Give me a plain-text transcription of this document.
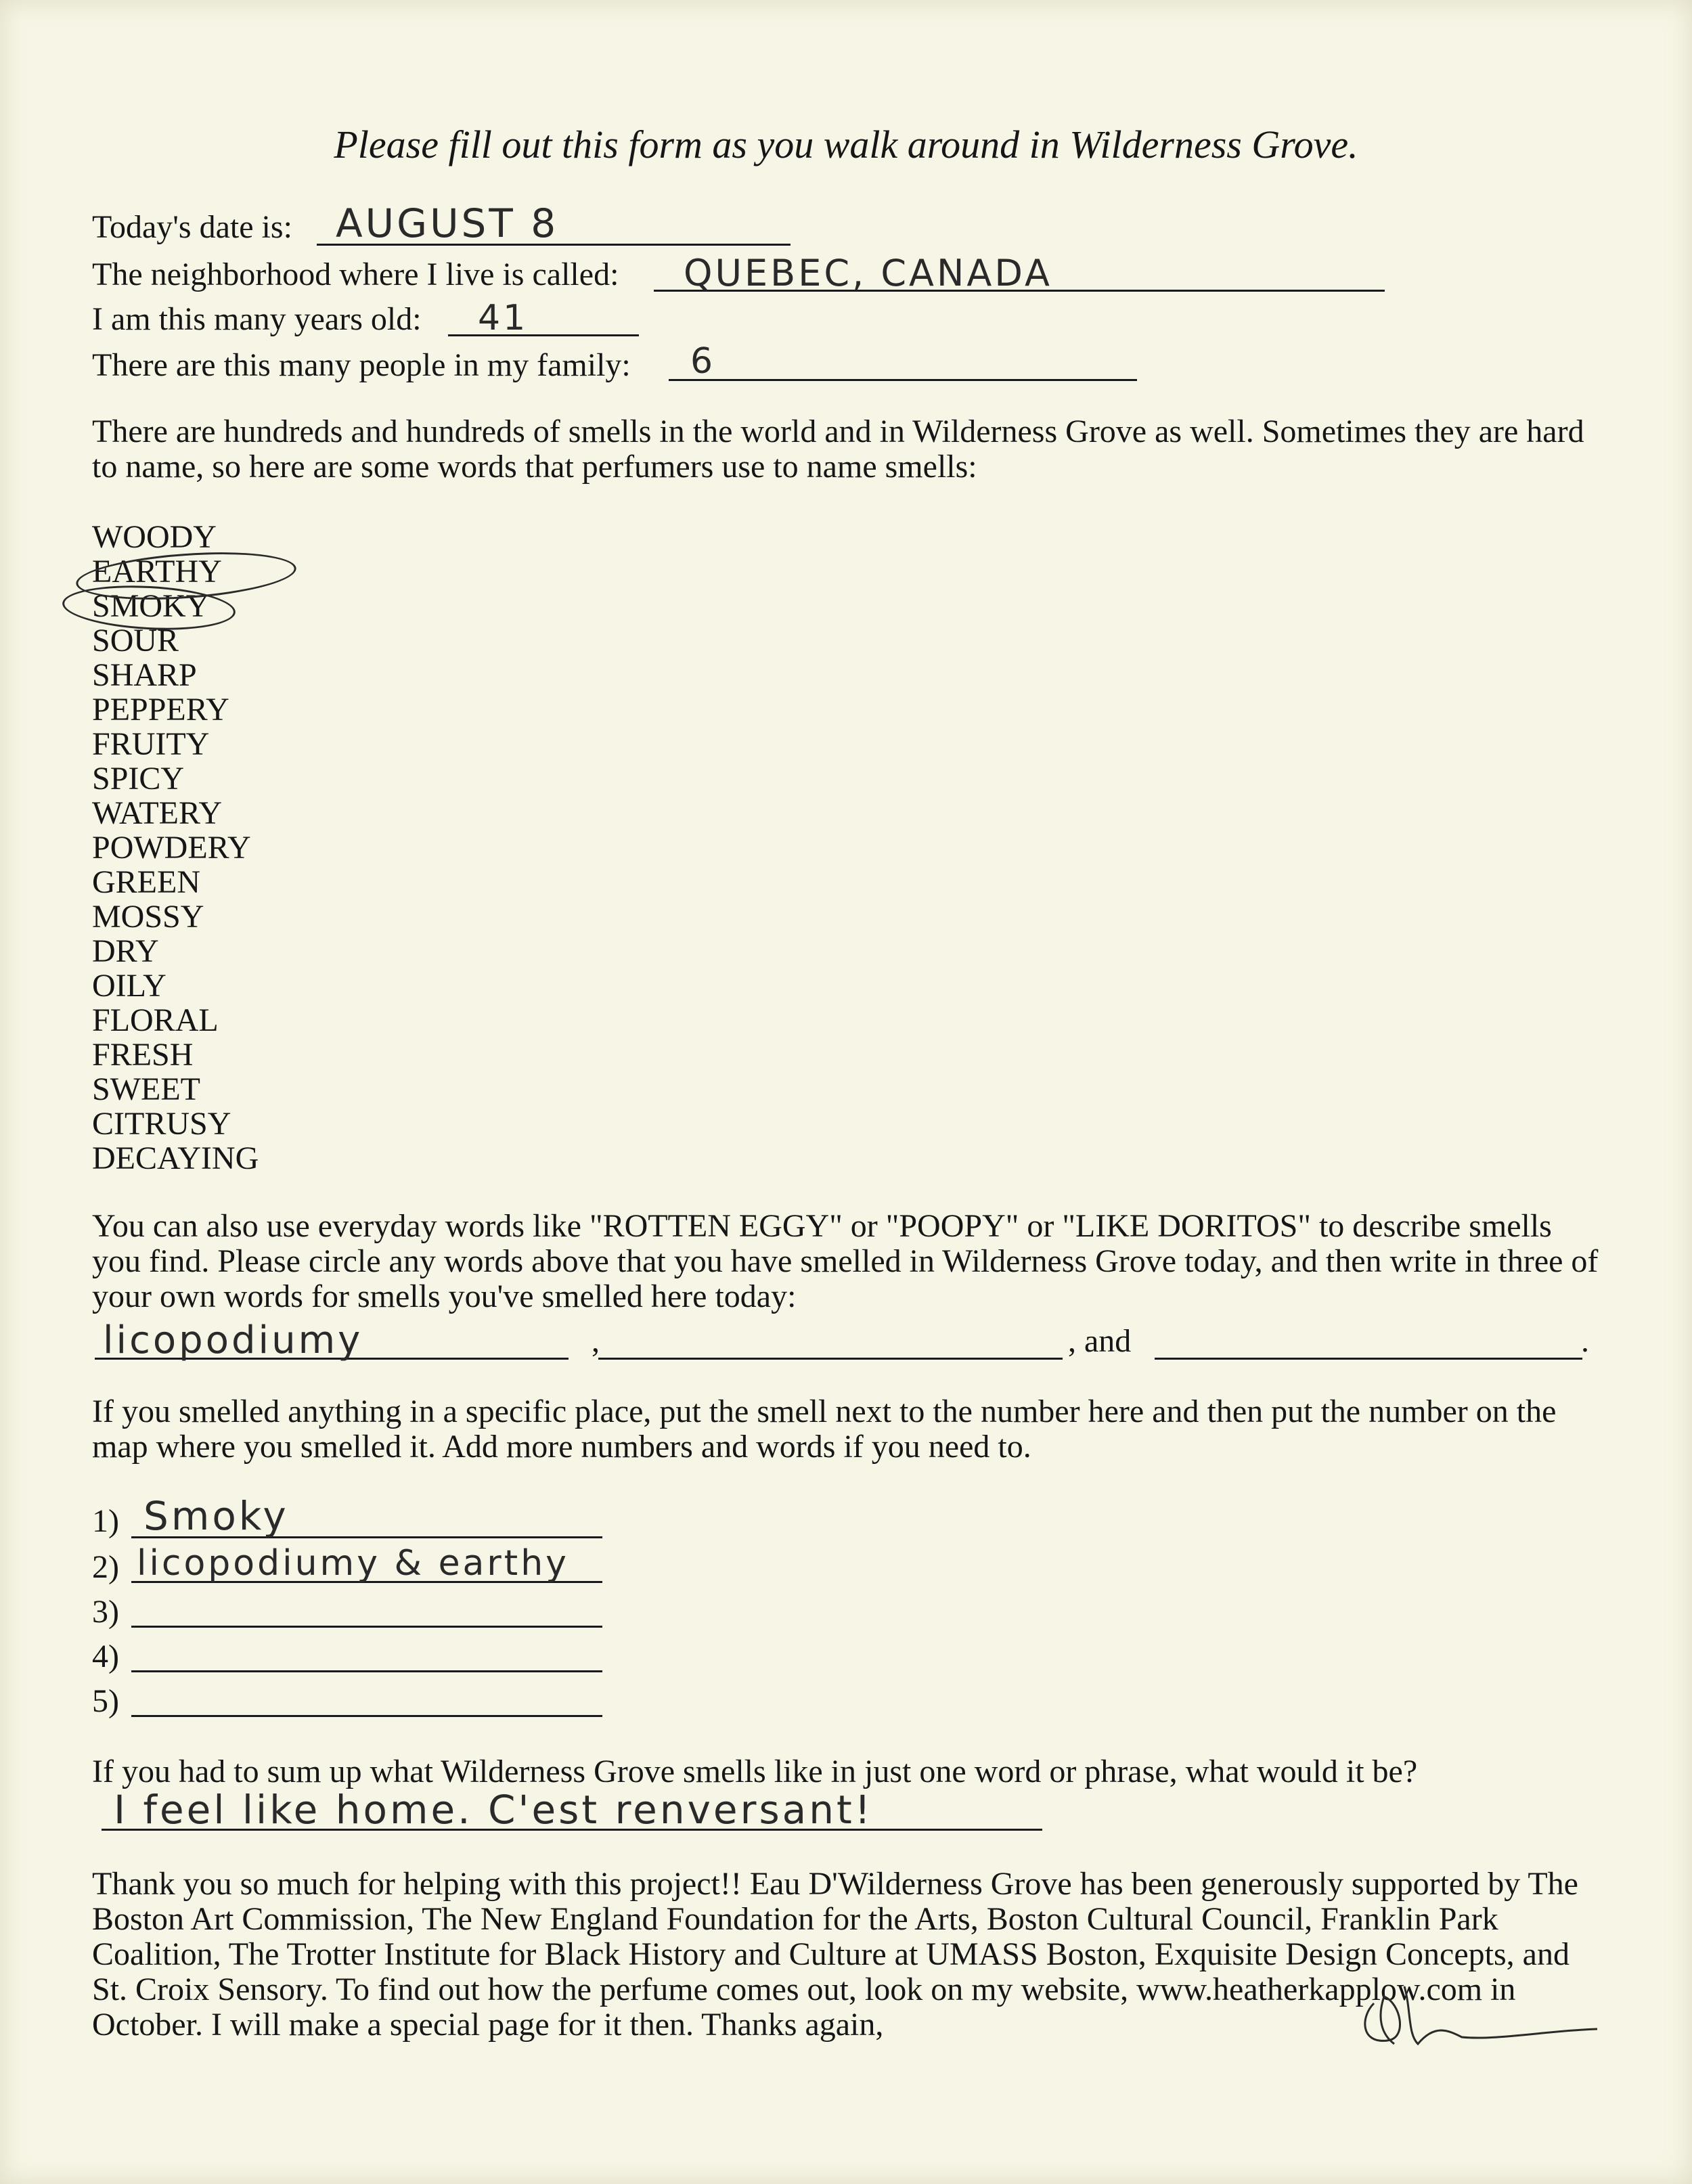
Please fill out this form as you walk around in Wilderness Grove.
Today's date is: AUGUST 8
The neighborhood where I live is called: QUEBEC, CANADA
I am this many years old: 41
There are this many people in my family: 6
There are hundreds and hundreds of smells in the world and in Wilderness Grove as well. Sometimes they are hard to name, so here are some words that perfumers use to name smells:
WOODY
EARTHY
SMOKY
SOUR
SHARP
PEPPERY
FRUITY
SPICY
WATERY
POWDERY
GREEN
MOSSY
DRY
OILY
FLORAL
FRESH
SWEET
CITRUSY
DECAYING
You can also use everyday words like "ROTTEN EGGY" or "POOPY" or "LIKE DORITOS" to describe smells you find. Please circle any words above that you have smelled in Wilderness Grove today, and then write in three of your own words for smells you've smelled here today:
licopodiumy	,	, and	.
If you smelled anything in a specific place, put the smell next to the number here and then put the number on the map where you smelled it. Add more numbers and words if you need to.
1) Smoky
2) licopodiumy & earthy
3)
4)
5)
If you had to sum up what Wilderness Grove smells like in just one word or phrase, what would it be?
I feel like home. C'est renversant!
Thank you so much for helping with this project!! Eau D'Wilderness Grove has been generously supported by The Boston Art Commission, The New England Foundation for the Arts, Boston Cultural Council, Franklin Park Coalition, The Trotter Institute for Black History and Culture at UMASS Boston, Exquisite Design Concepts, and St. Croix Sensory. To find out how the perfume comes out, look on my website, www.heatherkapplow.com in October. I will make a special page for it then. Thanks again,
